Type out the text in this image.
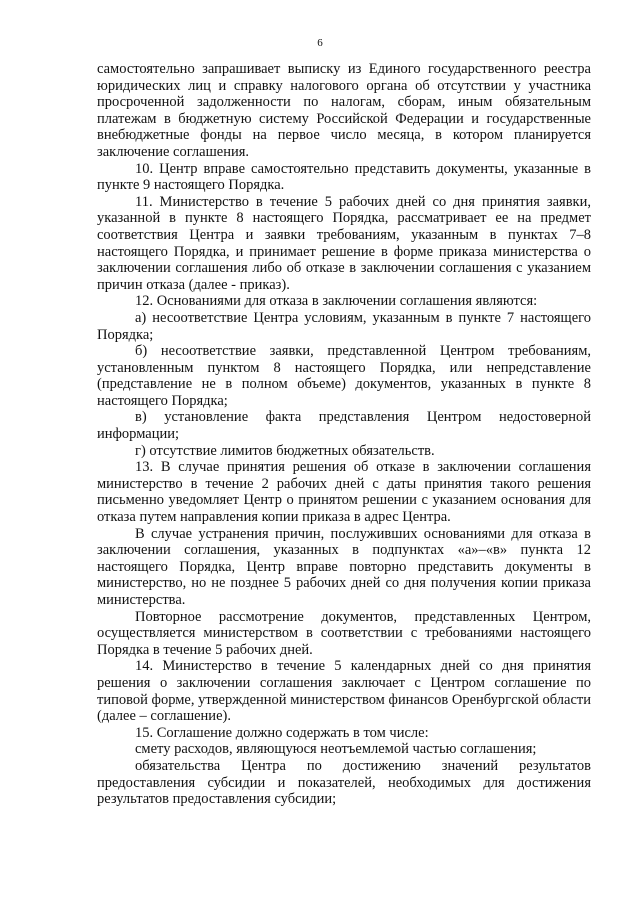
6

самостоятельно запрашивает выписку из Единого государственного реестра юридических лиц и справку налогового органа об отсутствии у участника просроченной задолженности по налогам, сборам, иным обязательным платежам в бюджетную систему Российской Федерации и государственные внебюджетные фонды на первое число месяца, в котором планируется заключение соглашения.

10. Центр вправе самостоятельно представить документы, указанные в пункте 9 настоящего Порядка.

11. Министерство в течение 5 рабочих дней со дня принятия заявки, указанной в пункте 8 настоящего Порядка, рассматривает ее на предмет соответствия Центра и заявки требованиям, указанным в пунктах 7–8 настоящего Порядка, и принимает решение в форме приказа министерства о заключении соглашения либо об отказе в заключении соглашения с указанием причин отказа (далее - приказ).

12. Основаниями для отказа в заключении соглашения являются:

а) несоответствие Центра условиям, указанным в пункте 7 настоящего Порядка;

б) несоответствие заявки, представленной Центром требованиям, установленным пунктом 8 настоящего Порядка, или непредставление (представление не в полном объеме) документов, указанных в пункте 8 настоящего Порядка;

в) установление факта представления Центром недостоверной информации;

г) отсутствие лимитов бюджетных обязательств.

13. В случае принятия решения об отказе в заключении соглашения министерство в течение 2 рабочих дней с даты принятия такого решения письменно уведомляет Центр о принятом решении с указанием основания для отказа путем направления копии приказа в адрес Центра.

В случае устранения причин, послуживших основаниями для отказа в заключении соглашения, указанных в подпунктах «а»–«в» пункта 12 настоящего Порядка, Центр вправе повторно представить документы в министерство, но не позднее 5 рабочих дней со дня получения копии приказа министерства.

Повторное рассмотрение документов, представленных Центром, осуществляется министерством в соответствии с требованиями настоящего Порядка в течение 5 рабочих дней.

14. Министерство в течение 5 календарных дней со дня принятия решения о заключении соглашения заключает с Центром соглашение по типовой форме, утвержденной министерством финансов Оренбургской области (далее – соглашение).

15. Соглашение должно содержать в том числе:

смету расходов, являющуюся неотъемлемой частью соглашения;

обязательства Центра по достижению значений результатов предоставления субсидии и показателей, необходимых для достижения результатов предоставления субсидии;
